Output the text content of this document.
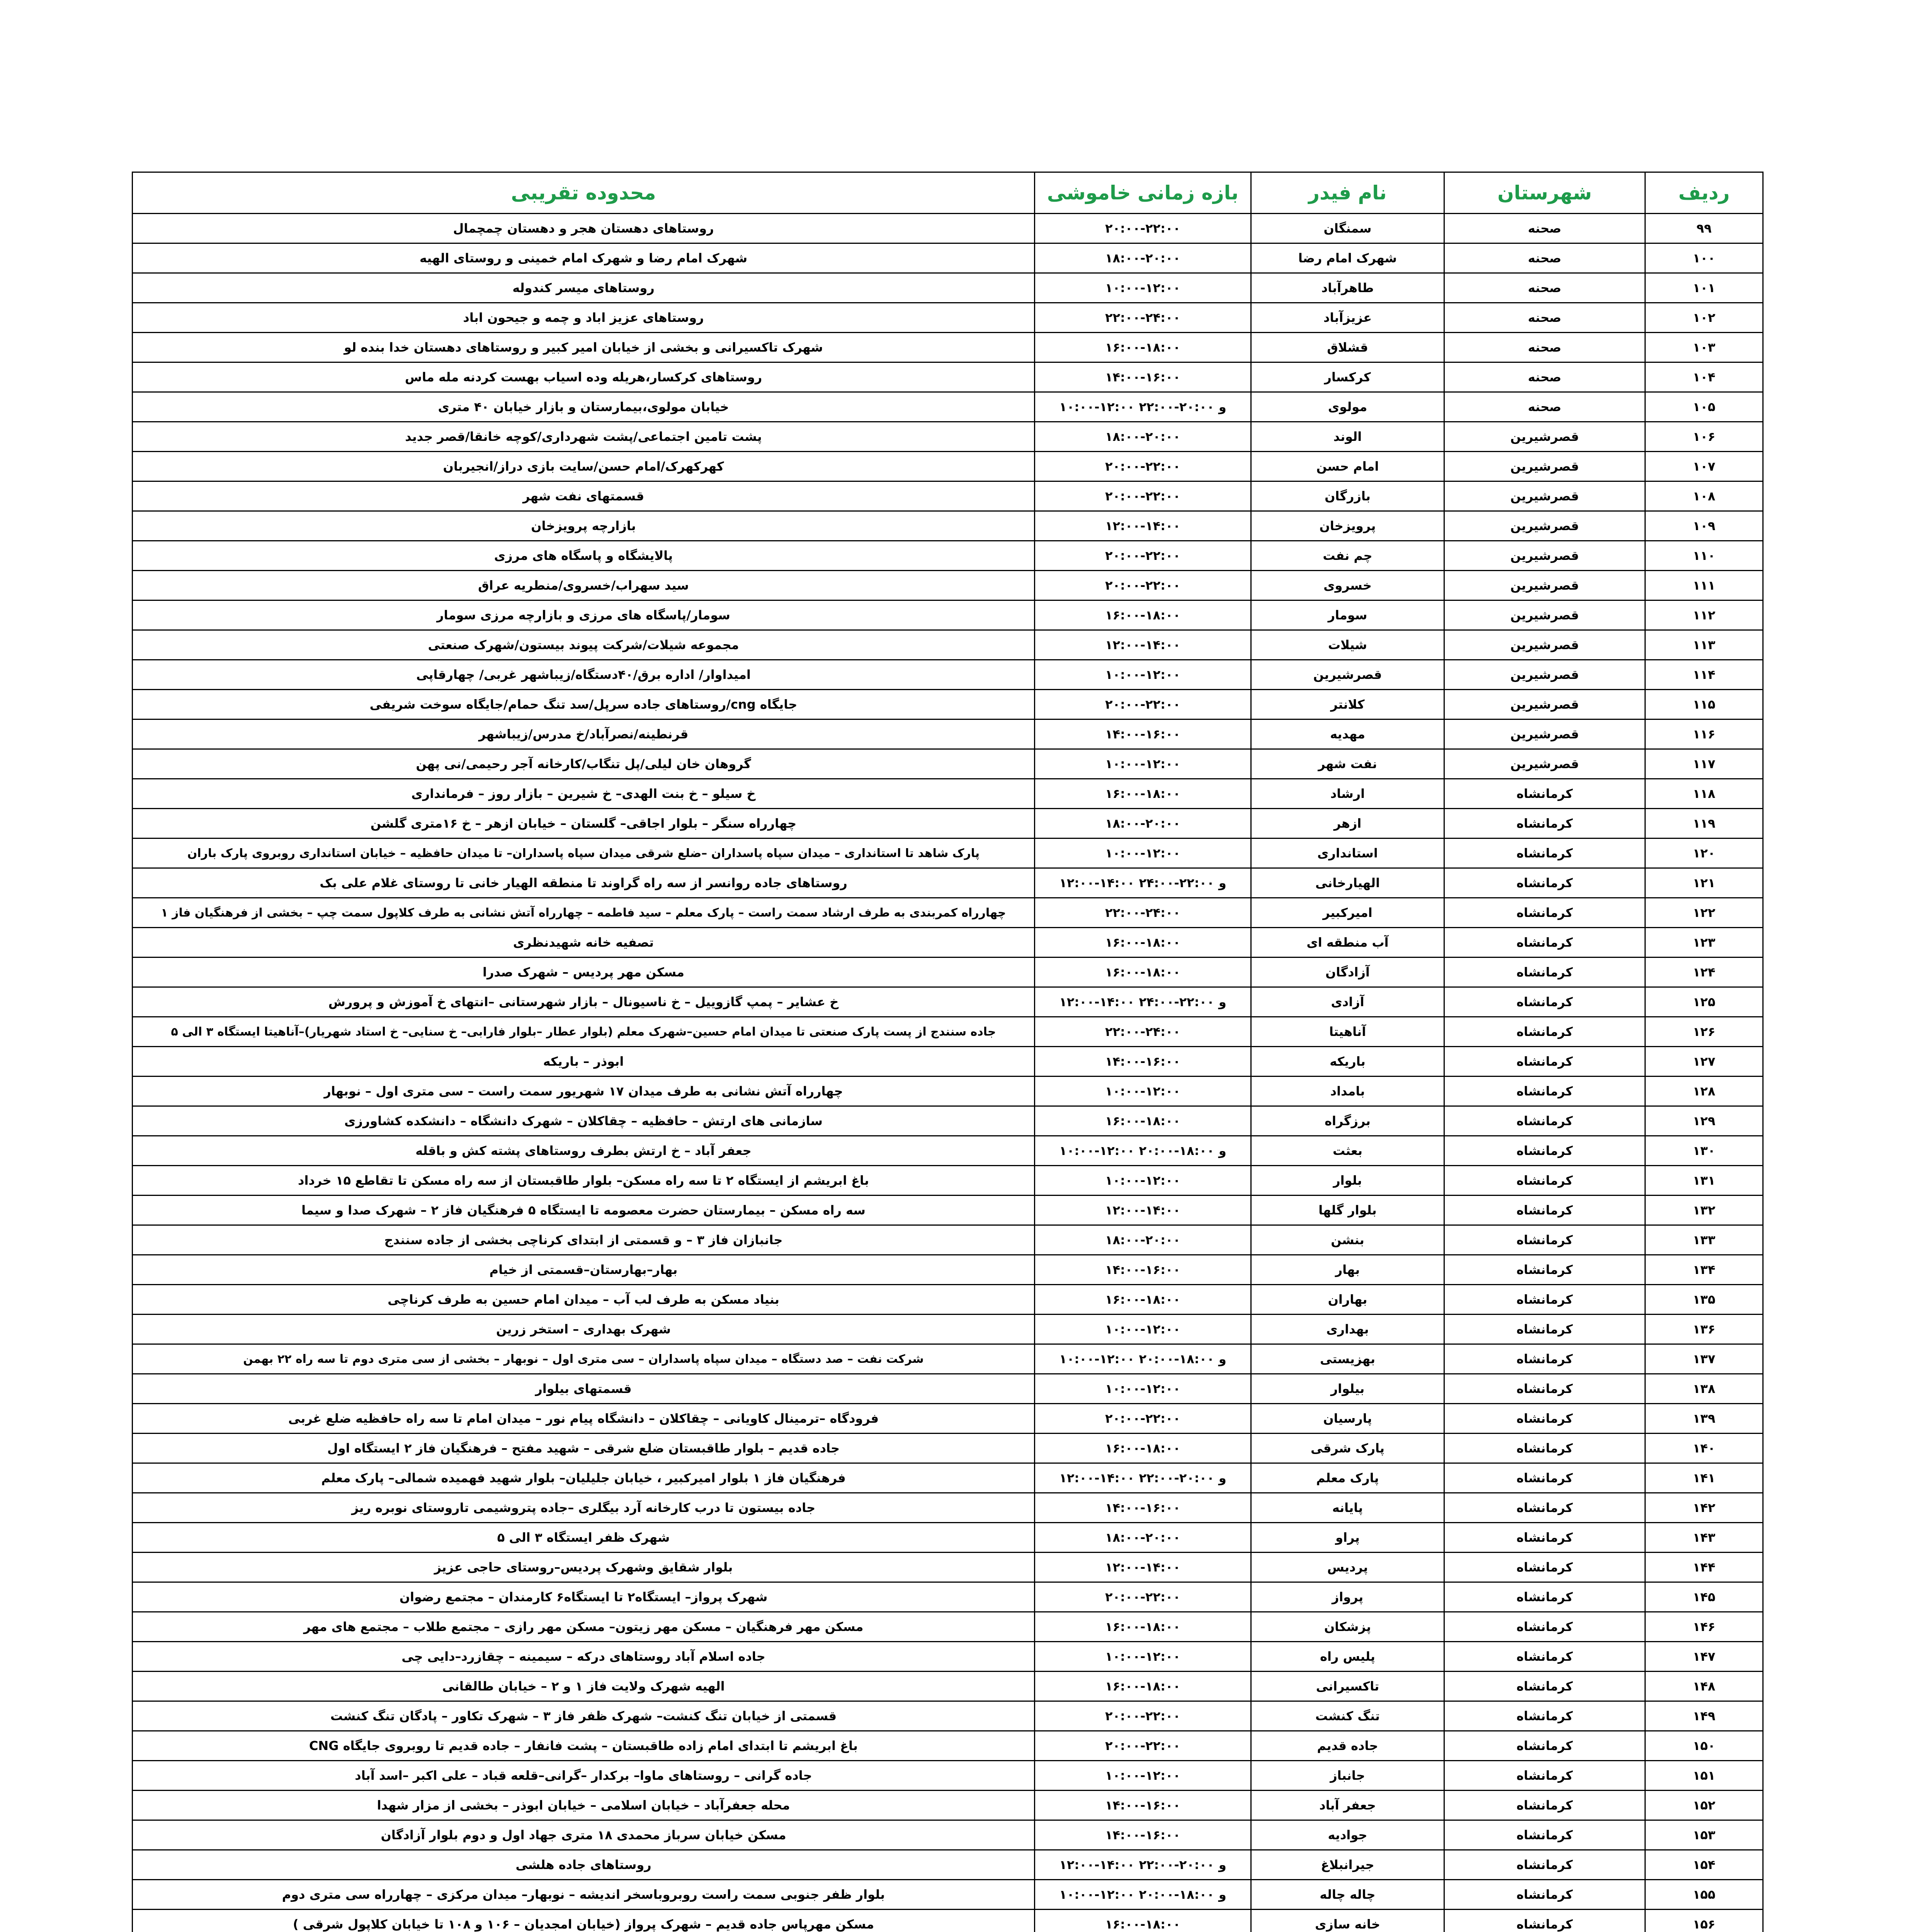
ردیف	شهرستان	نام فیدر	بازه زمانی خاموشی	محدوده تقریبی
۹۹	صحنه	سمنگان	۲۰:۰۰-۲۲:۰۰	روستاهای دهستان هجر و دهستان چمچمال
۱۰۰	صحنه	شهرک امام رضا	۱۸:۰۰-۲۰:۰۰	شهرک امام رضا و شهرک امام خمینی و روستای الهیه
۱۰۱	صحنه	طاهرآباد	۱۰:۰۰-۱۲:۰۰	روستاهای میسر کندوله
۱۰۲	صحنه	عزیزآباد	۲۲:۰۰-۲۴:۰۰	روستاهای عزیز اباد و چمه و جیحون اباد
۱۰۳	صحنه	قشلاق	۱۶:۰۰-۱۸:۰۰	شهرک تاکسیرانی و بخشی از خیابان امیر کبیر و روستاهای دهستان خدا بنده لو
۱۰۴	صحنه	کرکسار	۱۴:۰۰-۱۶:۰۰	روستاهای کرکسار،هریله وده اسیاب بهست کردنه مله ماس
۱۰۵	صحنه	مولوی	۱۰:۰۰-۱۲:۰۰ و ۲۰:۰۰-۲۲:۰۰	خیابان مولوی،بیمارستان و بازار خیابان ۴۰ متری
۱۰۶	قصرشیرین	الوند	۱۸:۰۰-۲۰:۰۰	پشت تامین اجتماعی/پشت شهرداری/کوچه خانقا/قصر جدید
۱۰۷	قصرشیرین	امام حسن	۲۰:۰۰-۲۲:۰۰	کهرکهرک/امام حسن/سایت بازی دراز/انجیربان
۱۰۸	قصرشیرین	بازرگان	۲۰:۰۰-۲۲:۰۰	قسمتهای نفت شهر
۱۰۹	قصرشیرین	پرویزخان	۱۲:۰۰-۱۴:۰۰	بازارچه پرویزخان
۱۱۰	قصرشیرین	چم نفت	۲۰:۰۰-۲۲:۰۰	پالایشگاه و پاسگاه های مرزی
۱۱۱	قصرشیرین	خسروی	۲۰:۰۰-۲۲:۰۰	سید سهراب/خسروی/منطریه عراق
۱۱۲	قصرشیرین	سومار	۱۶:۰۰-۱۸:۰۰	سومار/پاسگاه های مرزی و بازارچه مرزی سومار
۱۱۳	قصرشیرین	شیلات	۱۲:۰۰-۱۴:۰۰	مجموعه شیلات/شرکت پیوند بیستون/شهرک صنعتی
۱۱۴	قصرشیرین	قصرشیرین	۱۰:۰۰-۱۲:۰۰	امیداوار/ اداره برق/۴۰دستگاه/زیباشهر غربی/ چهارقاپی
۱۱۵	قصرشیرین	کلانتر	۲۰:۰۰-۲۲:۰۰	جایگاه cng/روستاهای جاده سرپل/سد تنگ حمام/جایگاه سوخت شریفی
۱۱۶	قصرشیرین	مهدیه	۱۴:۰۰-۱۶:۰۰	قرنطینه/نصرآباد/خ مدرس/زیباشهر
۱۱۷	قصرشیرین	نفت شهر	۱۰:۰۰-۱۲:۰۰	گروهان خان لیلی/پل تنگاب/کارخانه آجر رحیمی/نی پهن
۱۱۸	کرمانشاه	ارشاد	۱۶:۰۰-۱۸:۰۰	خ سیلو – خ بنت الهدی– خ شیرین – بازار روز – فرمانداری
۱۱۹	کرمانشاه	ازهر	۱۸:۰۰-۲۰:۰۰	چهارراه سنگر – بلوار اجاقی– گلستان – خیابان ازهر – خ ۱۶متری گلشن
۱۲۰	کرمانشاه	استانداری	۱۰:۰۰-۱۲:۰۰	پارک شاهد تا استانداری – میدان سپاه پاسداران –ضلع شرقی میدان سپاه پاسداران– تا میدان حافظیه – خیابان استانداری روبروی پارک باران
۱۲۱	کرمانشاه	الهیارخانی	۱۲:۰۰-۱۴:۰۰ و ۲۲:۰۰-۲۴:۰۰	روستاهای جاده روانسر از سه راه گراوند تا منطقه الهیار خانی تا روستای غلام علی بک
۱۲۲	کرمانشاه	امیرکبیر	۲۲:۰۰-۲۴:۰۰	چهارراه کمربندی به طرف ارشاد سمت راست – پارک معلم – سید فاطمه – چهارراه آتش نشانی به طرف کلاپول سمت چپ – بخشی از فرهنگیان فاز ۱
۱۲۳	کرمانشاه	آب منطقه ای	۱۶:۰۰-۱۸:۰۰	تصفیه خانه شهیدنظری
۱۲۴	کرمانشاه	آزادگان	۱۶:۰۰-۱۸:۰۰	مسکن مهر پردیس – شهرک صدرا
۱۲۵	کرمانشاه	آزادی	۱۲:۰۰-۱۴:۰۰ و ۲۲:۰۰-۲۴:۰۰	خ عشایر – پمپ گازوییل – خ ناسیونال – بازار شهرستانی –انتهای خ آموزش و پرورش
۱۲۶	کرمانشاه	آناهیتا	۲۲:۰۰-۲۴:۰۰	جاده سنندج از پست پارک صنعتی تا میدان امام حسین–شهرک معلم (بلوار عطار –بلوار فارابی– خ سنایی– خ استاد شهریار)–آناهیتا ایستگاه ۳ الی ۵
۱۲۷	کرمانشاه	باریکه	۱۴:۰۰-۱۶:۰۰	ابوذر – باریکه
۱۲۸	کرمانشاه	بامداد	۱۰:۰۰-۱۲:۰۰	چهارراه آتش نشانی به طرف میدان ۱۷ شهریور سمت راست – سی متری اول – نوبهار
۱۲۹	کرمانشاه	برزگراه	۱۶:۰۰-۱۸:۰۰	سازمانی های ارتش – حافظیه – چقاکلان – شهرک دانشگاه – دانشکده کشاورزی
۱۳۰	کرمانشاه	بعثت	۱۰:۰۰-۱۲:۰۰ و ۱۸:۰۰-۲۰:۰۰	جعفر آباد – خ ارتش بطرف روستاهای پشته کش و باقله
۱۳۱	کرمانشاه	بلوار	۱۰:۰۰-۱۲:۰۰	باغ ابریشم از ایستگاه ۲ تا سه راه مسکن– بلوار طاقبستان از سه راه مسکن تا تقاطع ۱۵ خرداد
۱۳۲	کرمانشاه	بلوار گلها	۱۲:۰۰-۱۴:۰۰	سه راه مسکن – بیمارستان حضرت معصومه تا ایستگاه ۵ فرهنگیان فاز ۲ – شهرک صدا و سیما
۱۳۳	کرمانشاه	بنشن	۱۸:۰۰-۲۰:۰۰	جانبازان فاز ۳ – و قسمتی از ابتدای کرناچی بخشی از جاده سنندج
۱۳۴	کرمانشاه	بهار	۱۴:۰۰-۱۶:۰۰	بهار–بهارستان–قسمتی از خیام
۱۳۵	کرمانشاه	بهاران	۱۶:۰۰-۱۸:۰۰	بنیاد مسکن به طرف لب آب – میدان امام حسین به طرف کرناچی
۱۳۶	کرمانشاه	بهداری	۱۰:۰۰-۱۲:۰۰	شهرک بهداری – استخر زرین
۱۳۷	کرمانشاه	بهزیستی	۱۰:۰۰-۱۲:۰۰ و ۱۸:۰۰-۲۰:۰۰	شرکت نفت – صد دستگاه – میدان سپاه پاسداران – سی متری اول – نوبهار – بخشی از سی متری دوم تا سه راه ۲۲ بهمن
۱۳۸	کرمانشاه	بیلوار	۱۰:۰۰-۱۲:۰۰	قسمتهای بیلوار
۱۳۹	کرمانشاه	پارسیان	۲۰:۰۰-۲۲:۰۰	فرودگاه –ترمینال کاویانی – چقاکلان – دانشگاه پیام نور – میدان امام تا سه راه حافظیه ضلع غربی
۱۴۰	کرمانشاه	پارک شرقی	۱۶:۰۰-۱۸:۰۰	جاده قدیم – بلوار طاقبستان ضلع شرقی – شهید مفتح – فرهنگیان فاز ۲ ایستگاه اول
۱۴۱	کرمانشاه	پارک معلم	۱۲:۰۰-۱۴:۰۰ و ۲۰:۰۰-۲۲:۰۰	فرهنگیان فاز ۱ بلوار امیرکبیر ، خیابان جلیلیان– بلوار شهید فهمیده شمالی– پارک معلم
۱۴۲	کرمانشاه	پایانه	۱۴:۰۰-۱۶:۰۰	جاده بیستون تا درب کارخانه آرد بیگلری –جاده پتروشیمی تاروستای نوبره ریز
۱۴۳	کرمانشاه	پراو	۱۸:۰۰-۲۰:۰۰	شهرک ظفر ایستگاه ۳ الی ۵
۱۴۴	کرمانشاه	پردیس	۱۲:۰۰-۱۴:۰۰	بلوار شقایق وشهرک پردیس–روستای حاجی عزیز
۱۴۵	کرمانشاه	پرواز	۲۰:۰۰-۲۲:۰۰	شهرک پرواز– ایستگاه۲ تا ایستگاه۶ کارمندان – مجتمع رضوان
۱۴۶	کرمانشاه	پزشکان	۱۶:۰۰-۱۸:۰۰	مسکن مهر فرهنگیان – مسکن مهر زیتون– مسکن مهر رازی – مجتمع طلاب – مجتمع های مهر
۱۴۷	کرمانشاه	پلیس راه	۱۰:۰۰-۱۲:۰۰	جاده اسلام آباد روستاهای درکه – سیمینه – چقازرد–دایی چی
۱۴۸	کرمانشاه	تاکسیرانی	۱۶:۰۰-۱۸:۰۰	الهیه شهرک ولایت فاز ۱ و ۲ – خیابان طالقانی
۱۴۹	کرمانشاه	تنگ کنشت	۲۰:۰۰-۲۲:۰۰	قسمتی از خیابان تنگ کنشت– شهرک ظفر فاز ۳ – شهرک تکاور – پادگان تنگ کنشت
۱۵۰	کرمانشاه	جاده قدیم	۲۰:۰۰-۲۲:۰۰	باغ ابریشم تا ابتدای امام زاده طاقبستان – پشت فانفار – جاده قدیم تا روبروی جایگاه CNG
۱۵۱	کرمانشاه	جانباز	۱۰:۰۰-۱۲:۰۰	جاده گرانی – روستاهای ماوا– برکدار –گرانی–قلعه قباد – علی اکبر –اسد آباد
۱۵۲	کرمانشاه	جعفر آباد	۱۴:۰۰-۱۶:۰۰	محله جعفرآباد – خیابان اسلامی – خیابان ابوذر – بخشی از مزار شهدا
۱۵۳	کرمانشاه	جوادیه	۱۴:۰۰-۱۶:۰۰	مسکن خیابان سرباز محمدی ۱۸ متری جهاد اول و دوم بلوار آزادگان
۱۵۴	کرمانشاه	جیرانبلاغ	۱۲:۰۰-۱۴:۰۰ و ۲۰:۰۰-۲۲:۰۰	روستاهای جاده هلشی
۱۵۵	کرمانشاه	چاله چاله	۱۰:۰۰-۱۲:۰۰ و ۱۸:۰۰-۲۰:۰۰	بلوار ظفر جنوبی سمت راست روبروباسخر اندیشه – نوبهار– میدان مرکزی – چهارراه سی متری دوم
۱۵۶	کرمانشاه	خانه سازی	۱۶:۰۰-۱۸:۰۰	مسکن مهرپاس جاده قدیم – شهرک پرواز (خیابان امجدیان – ۱۰۶ و ۱۰۸ تا خیابان کلاپول شرقی )
